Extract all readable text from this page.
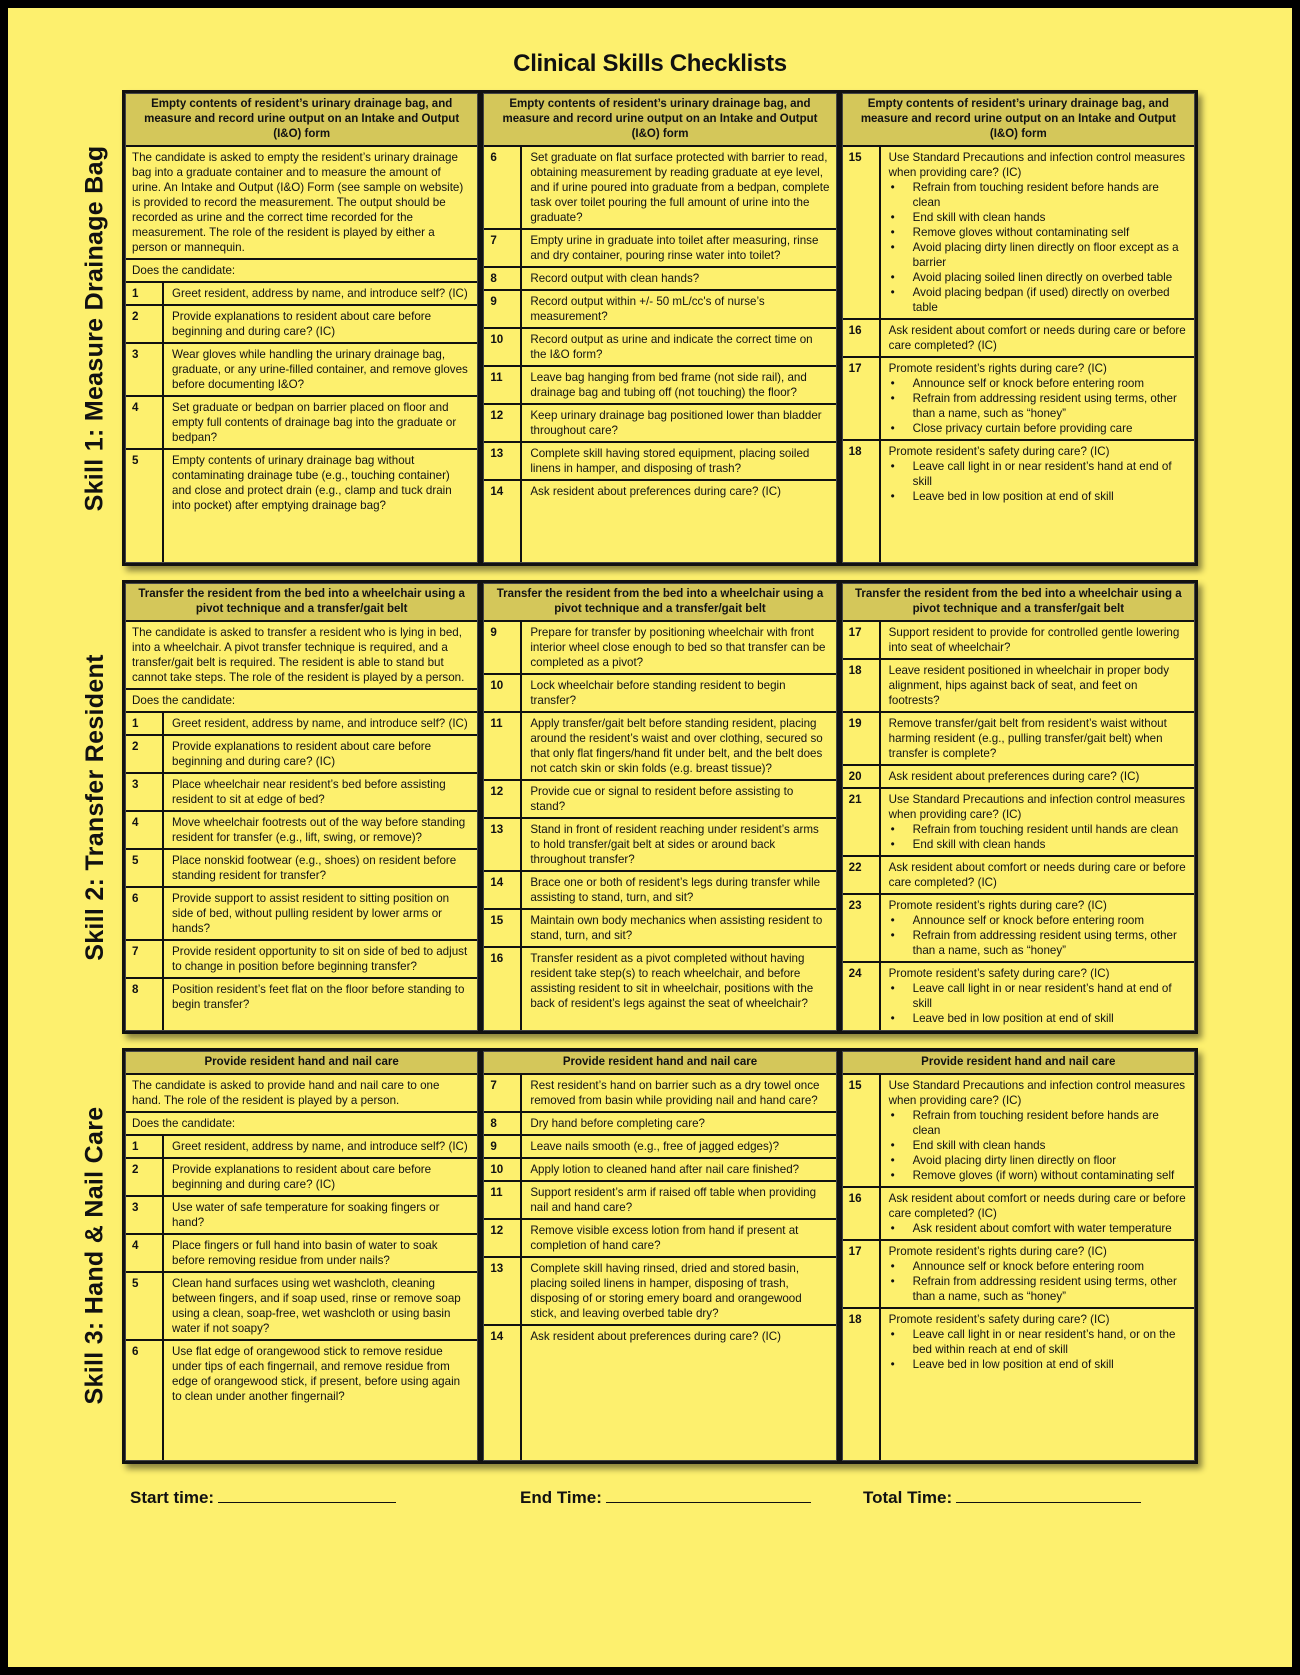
Clinical Skills Checklists
Skill 1: Measure Drainage Bag
Empty contents of resident’s urinary drainage bag, and measure and record urine output on an Intake and Output (I&O) form
The candidate is asked to empty the resident’s urinary drainage bag into a graduate container and to measure the amount of urine. An Intake and Output (I&O) Form (see sample on website) is provided to record the measurement. The output should be recorded as urine and the correct time recorded for the measurement. The role of the resident is played by either a person or mannequin.
Does the candidate:
1	Greet resident, address by name, and introduce self? (IC)
2	Provide explanations to resident about care before beginning and during care? (IC)
3	Wear gloves while handling the urinary drainage bag, graduate, or any urine-filled container, and remove gloves before documenting I&O?
4	Set graduate or bedpan on barrier placed on floor and empty full contents of drainage bag into the graduate or bedpan?
5	Empty contents of urinary drainage bag without contaminating drainage tube (e.g., touching container) and close and protect drain (e.g., clamp and tuck drain into pocket) after emptying drainage bag?
Empty contents of resident’s urinary drainage bag, and measure and record urine output on an Intake and Output (I&O) form
6	Set graduate on flat surface protected with barrier to read, obtaining measurement by reading graduate at eye level, and if urine poured into graduate from a bedpan, complete task over toilet pouring the full amount of urine into the graduate?
7	Empty urine in graduate into toilet after measuring, rinse and dry container, pouring rinse water into toilet?
8	Record output with clean hands?
9	Record output within +/- 50 mL/cc's of nurse’s measurement?
10	Record output as urine and indicate the correct time on the I&O form?
11	Leave bag hanging from bed frame (not side rail), and drainage bag and tubing off (not touching) the floor?
12	Keep urinary drainage bag positioned lower than bladder throughout care?
13	Complete skill having stored equipment, placing soiled linens in hamper, and disposing of trash?
14	Ask resident about preferences during care? (IC)
Empty contents of resident’s urinary drainage bag, and measure and record urine output on an Intake and Output (I&O) form
15	Use Standard Precautions and infection control measures when providing care? (IC)
• Refrain from touching resident before hands are clean
• End skill with clean hands
• Remove gloves without contaminating self
• Avoid placing dirty linen directly on floor except as a barrier
• Avoid placing soiled linen directly on overbed table
• Avoid placing bedpan (if used) directly on overbed table
16	Ask resident about comfort or needs during care or before care completed? (IC)
17	Promote resident’s rights during care? (IC)
• Announce self or knock before entering room
• Refrain from addressing resident using terms, other than a name, such as “honey”
• Close privacy curtain before providing care
18	Promote resident’s safety during care? (IC)
• Leave call light in or near resident’s hand at end of skill
• Leave bed in low position at end of skill
Skill 2: Transfer Resident
Transfer the resident from the bed into a wheelchair using a pivot technique and a transfer/gait belt
The candidate is asked to transfer a resident who is lying in bed, into a wheelchair. A pivot transfer technique is required, and a transfer/gait belt is required. The resident is able to stand but cannot take steps. The role of the resident is played by a person.
Does the candidate:
1	Greet resident, address by name, and introduce self? (IC)
2	Provide explanations to resident about care before beginning and during care? (IC)
3	Place wheelchair near resident’s bed before assisting resident to sit at edge of bed?
4	Move wheelchair footrests out of the way before standing resident for transfer (e.g., lift, swing, or remove)?
5	Place nonskid footwear (e.g., shoes) on resident before standing resident for transfer?
6	Provide support to assist resident to sitting position on side of bed, without pulling resident by lower arms or hands?
7	Provide resident opportunity to sit on side of bed to adjust to change in position before beginning transfer?
8	Position resident’s feet flat on the floor before standing to begin transfer?
Transfer the resident from the bed into a wheelchair using a pivot technique and a transfer/gait belt
9	Prepare for transfer by positioning wheelchair with front interior wheel close enough to bed so that transfer can be completed as a pivot?
10	Lock wheelchair before standing resident to begin transfer?
11	Apply transfer/gait belt before standing resident, placing around the resident’s waist and over clothing, secured so that only flat fingers/hand fit under belt, and the belt does not catch skin or skin folds (e.g. breast tissue)?
12	Provide cue or signal to resident before assisting to stand?
13	Stand in front of resident reaching under resident’s arms to hold transfer/gait belt at sides or around back throughout transfer?
14	Brace one or both of resident’s legs during transfer while assisting to stand, turn, and sit?
15	Maintain own body mechanics when assisting resident to stand, turn, and sit?
16	Transfer resident as a pivot completed without having resident take step(s) to reach wheelchair, and before assisting resident to sit in wheelchair, positions with the back of resident’s legs against the seat of wheelchair?
Transfer the resident from the bed into a wheelchair using a pivot technique and a transfer/gait belt
17	Support resident to provide for controlled gentle lowering into seat of wheelchair?
18	Leave resident positioned in wheelchair in proper body alignment, hips against back of seat, and feet on footrests?
19	Remove transfer/gait belt from resident’s waist without harming resident (e.g., pulling transfer/gait belt) when transfer is complete?
20	Ask resident about preferences during care? (IC)
21	Use Standard Precautions and infection control measures when providing care? (IC)
• Refrain from touching resident until hands are clean
• End skill with clean hands
22	Ask resident about comfort or needs during care or before care completed? (IC)
23	Promote resident’s rights during care? (IC)
• Announce self or knock before entering room
• Refrain from addressing resident using terms, other than a name, such as “honey”
24	Promote resident’s safety during care? (IC)
• Leave call light in or near resident’s hand at end of skill
• Leave bed in low position at end of skill
Skill 3: Hand & Nail Care
Provide resident hand and nail care
The candidate is asked to provide hand and nail care to one hand. The role of the resident is played by a person.
Does the candidate:
1	Greet resident, address by name, and introduce self? (IC)
2	Provide explanations to resident about care before beginning and during care? (IC)
3	Use water of safe temperature for soaking fingers or hand?
4	Place fingers or full hand into basin of water to soak before removing residue from under nails?
5	Clean hand surfaces using wet washcloth, cleaning between fingers, and if soap used, rinse or remove soap using a clean, soap-free, wet washcloth or using basin water if not soapy?
6	Use flat edge of orangewood stick to remove residue under tips of each fingernail, and remove residue from edge of orangewood stick, if present, before using again to clean under another fingernail?
Provide resident hand and nail care
7	Rest resident’s hand on barrier such as a dry towel once removed from basin while providing nail and hand care?
8	Dry hand before completing care?
9	Leave nails smooth (e.g., free of jagged edges)?
10	Apply lotion to cleaned hand after nail care finished?
11	Support resident’s arm if raised off table when providing nail and hand care?
12	Remove visible excess lotion from hand if present at completion of hand care?
13	Complete skill having rinsed, dried and stored basin, placing soiled linens in hamper, disposing of trash, disposing of or storing emery board and orangewood stick, and leaving overbed table dry?
14	Ask resident about preferences during care? (IC)
Provide resident hand and nail care
15	Use Standard Precautions and infection control measures when providing care? (IC)
• Refrain from touching resident before hands are clean
• End skill with clean hands
• Avoid placing dirty linen directly on floor
• Remove gloves (if worn) without contaminating self
16	Ask resident about comfort or needs during care or before care completed? (IC)
• Ask resident about comfort with water temperature
17	Promote resident’s rights during care? (IC)
• Announce self or knock before entering room
• Refrain from addressing resident using terms, other than a name, such as “honey”
18	Promote resident’s safety during care? (IC)
• Leave call light in or near resident’s hand, or on the bed within reach at end of skill
• Leave bed in low position at end of skill
Start time:	End Time:	Total Time:
